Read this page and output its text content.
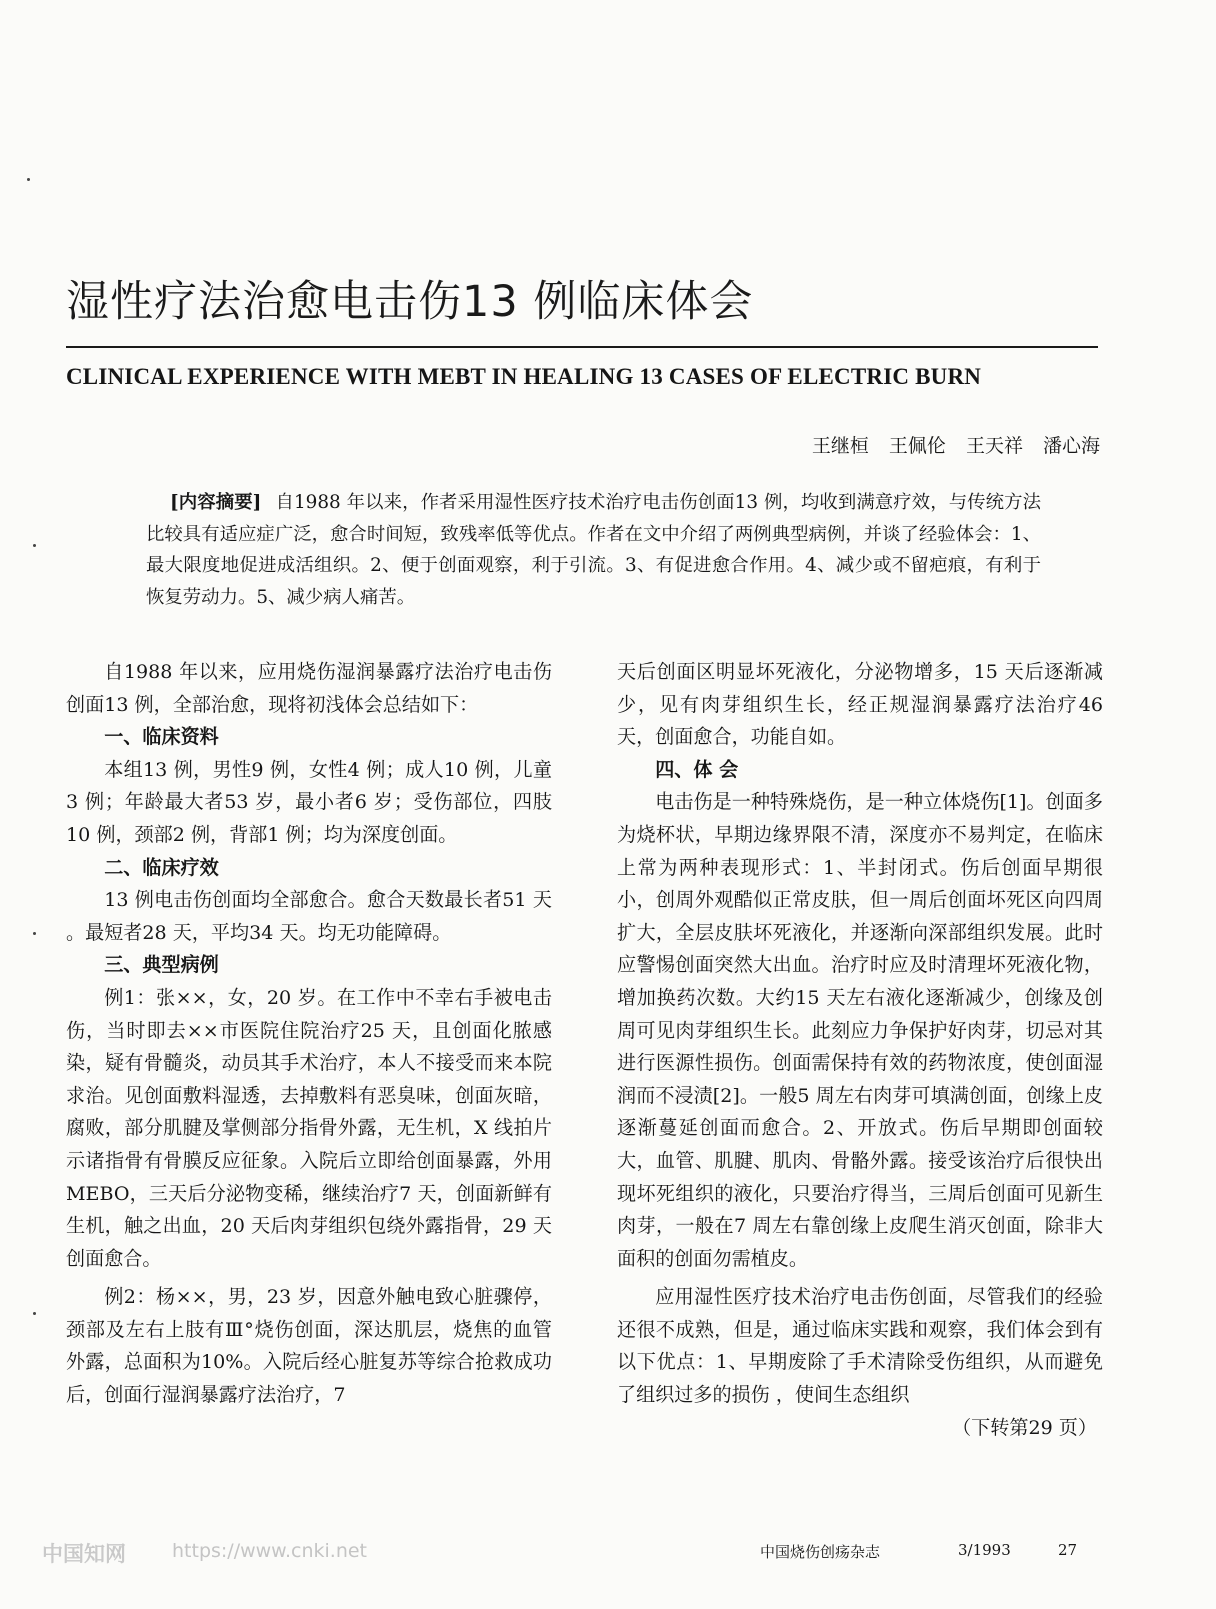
湿性疗法治愈电击伤13 例临床体会
CLINICAL EXPERIENCE WITH MEBT IN HEALING 13 CASES OF ELECTRIC BURN
王继桓 王佩伦 王天祥 潘心海
[内容摘要] 自1988 年以来，作者采用湿性医疗技术治疗电击伤创面13 例，均收到满意疗效，与传统方法比较具有适应症广泛，愈合时间短，致残率低等优点。作者在文中介绍了两例典型病例，并谈了经验体会：1、最大限度地促进成活组织。2、便于创面观察，利于引流。3、有促进愈合作用。4、减少或不留疤痕，有利于恢复劳动力。5、减少病人痛苦。

自1988 年以来，应用烧伤湿润暴露疗法治疗电击伤创面13 例，全部治愈，现将初浅体会总结如下：

一、临床资料

本组13 例，男性9 例，女性4 例；成人10 例，儿童3 例；年龄最大者53 岁，最小者6 岁；受伤部位，四肢10 例，颈部2 例，背部1 例；均为深度创面。

二、临床疗效

13 例电击伤创面均全部愈合。愈合天数最长者51 天 。最短者28 天，平均34 天。均无功能障碍。

三、典型病例

例1：张××，女，20 岁。在工作中不幸右手被电击伤，当时即去××市医院住院治疗25 天，且创面化脓感染，疑有骨髓炎，动员其手术治疗，本人不接受而来本院求治。见创面敷料湿透，去掉敷料有恶臭味，创面灰暗，腐败，部分肌腱及掌侧部分指骨外露，无生机，X 线拍片示诸指骨有骨膜反应征象。入院后立即给创面暴露，外用MEBO，三天后分泌物变稀，继续治疗7 天，创面新鲜有生机，触之出血，20 天后肉芽组织包绕外露指骨，29 天创面愈合。

例2：杨××，男，23 岁，因意外触电致心脏骤停，颈部及左右上肢有Ⅲ°烧伤创面，深达肌层，烧焦的血管外露，总面积为10%。入院后经心脏复苏等综合抢救成功后，创面行湿润暴露疗法治疗，7

天后创面区明显坏死液化，分泌物增多，15 天后逐渐减少，见有肉芽组织生长，经正规湿润暴露疗法治疗46 天，创面愈合，功能自如。

四、体 会

电击伤是一种特殊烧伤，是一种立体烧伤[1]。创面多为烧杯状，早期边缘界限不清，深度亦不易判定，在临床上常为两种表现形式：1、半封闭式。伤后创面早期很小，创周外观酷似正常皮肤，但一周后创面坏死区向四周扩大，全层皮肤坏死液化，并逐渐向深部组织发展。此时应警惕创面突然大出血。治疗时应及时清理坏死液化物，增加换药次数。大约15 天左右液化逐渐减少，创缘及创周可见肉芽组织生长。此刻应力争保护好肉芽，切忌对其进行医源性损伤。创面需保持有效的药物浓度，使创面湿润而不浸渍[2]。一般5 周左右肉芽可填满创面，创缘上皮逐渐蔓延创面而愈合。2、开放式。伤后早期即创面较大，血管、肌腱、肌肉、骨骼外露。接受该治疗后很快出现坏死组织的液化，只要治疗得当，三周后创面可见新生肉芽，一般在7 周左右靠创缘上皮爬生消灭创面，除非大面积的创面勿需植皮。

应用湿性医疗技术治疗电击伤创面，尽管我们的经验还很不成熟，但是，通过临床实践和观察，我们体会到有以下优点：1、早期废除了手术清除受伤组织，从而避免了组织过多的损伤 ，使间生态组织

（下转第29 页）
中国知网 https://www.cnki.net	中国烧伤创疡杂志	3/1993	27
